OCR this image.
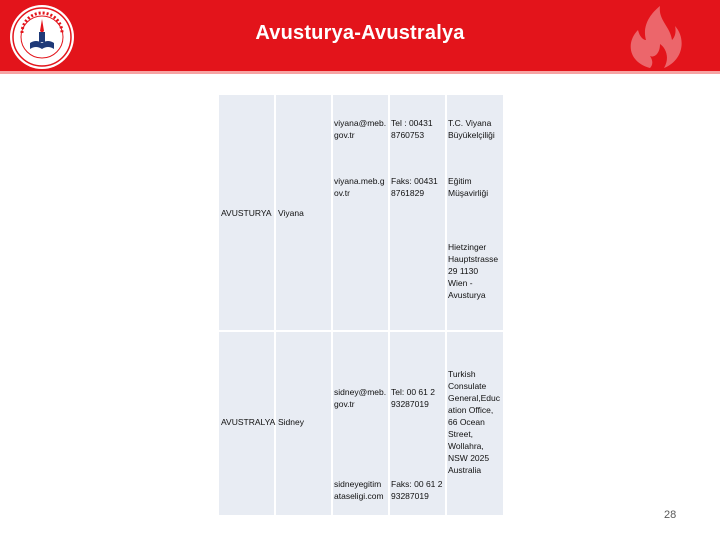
Avusturya-Avustralya
AVUSTURYA Viyana
viyana@meb.
gov.tr
Tel : 00431
8760753
T.C. Viyana
Büyükelçiliği
viyana.meb.g
ov.tr
Faks: 00431
8761829
Eğitim
Müşavirliği
Hietzinger
Hauptstrasse
29 1130
Wien -
Avusturya
AVUSTRALYA Sidney
Turkish
Consulate
General,Educ
ation Office,
66 Ocean
Street,
Wollahra,
NSW 2025
Australia
sidney@meb.
gov.tr
Tel: 00 61 2
93287019
sidneyegitim
ataseligi.com
Faks: 00 61 2
93287019
28
